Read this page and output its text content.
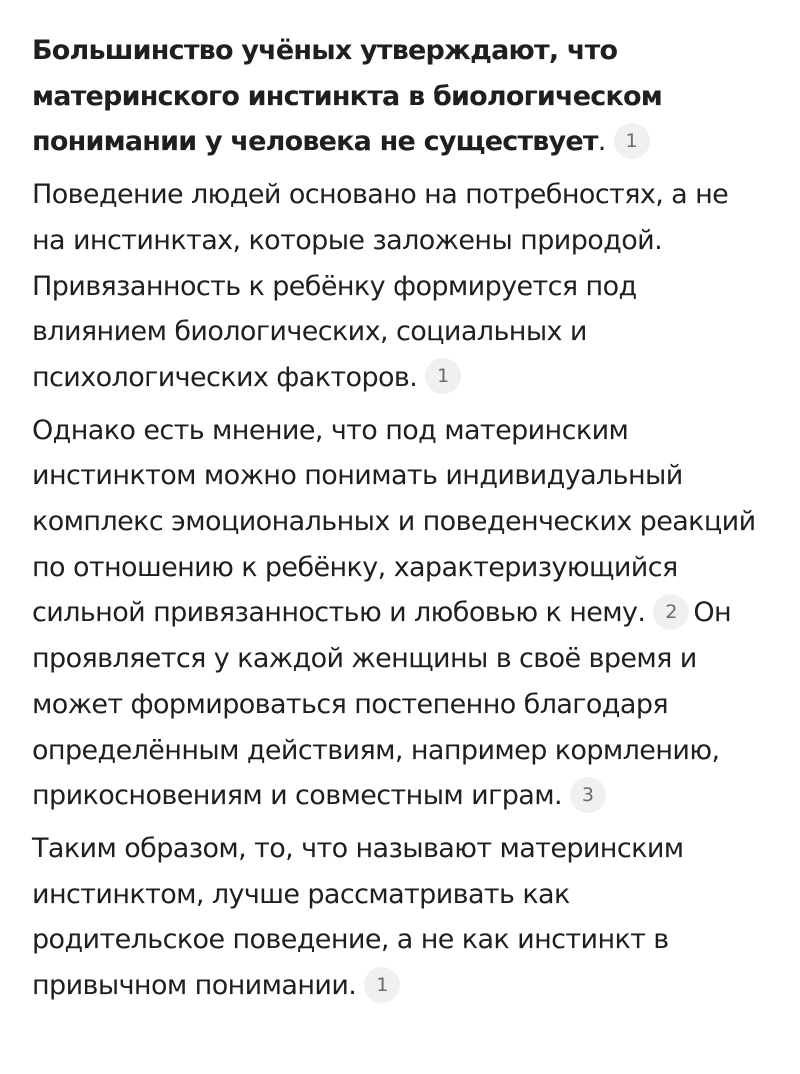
Большинство учёных утверждают, что материнского инстинкта в биологическом понимании у человека не существует. 1

Поведение людей основано на потребностях, а не на инстинктах, которые заложены природой. Привязанность к ребёнку формируется под влиянием биологических, социальных и психологических факторов. 1

Однако есть мнение, что под материнским инстинктом можно понимать индивидуальный комплекс эмоциональных и поведенческих реакций по отношению к ребёнку, характеризующийся сильной привязанностью и любовью к нему. 2 Он проявляется у каждой женщины в своё время и может формироваться постепенно благодаря определённым действиям, например кормлению, прикосновениям и совместным играм. 3

Таким образом, то, что называют материнским инстинктом, лучше рассматривать как родительское поведение, а не как инстинкт в привычном понимании. 1
